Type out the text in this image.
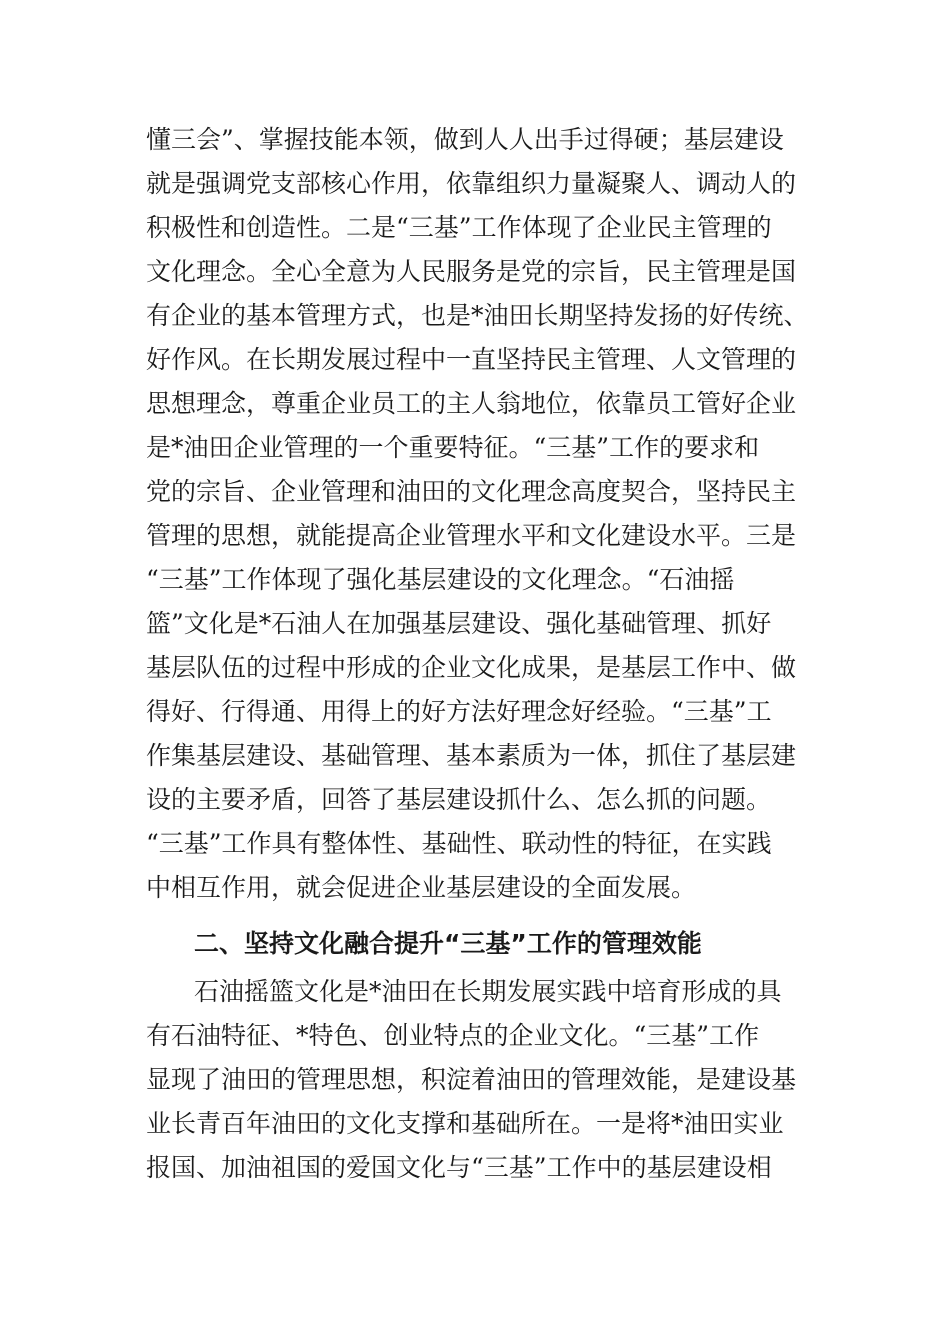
懂三会”、掌握技能本领，做到人人出手过得硬；基层建设
就是强调党支部核心作用，依靠组织力量凝聚人、调动人的
积极性和创造性。二是“三基”工作体现了企业民主管理的
文化理念。全心全意为人民服务是党的宗旨，民主管理是国
有企业的基本管理方式，也是*油田长期坚持发扬的好传统、
好作风。在长期发展过程中一直坚持民主管理、人文管理的
思想理念，尊重企业员工的主人翁地位，依靠员工管好企业
是*油田企业管理的一个重要特征。“三基”工作的要求和
党的宗旨、企业管理和油田的文化理念高度契合，坚持民主
管理的思想，就能提高企业管理水平和文化建设水平。三是
“三基”工作体现了强化基层建设的文化理念。“石油摇
篮”文化是*石油人在加强基层建设、强化基础管理、抓好
基层队伍的过程中形成的企业文化成果，是基层工作中、做
得好、行得通、用得上的好方法好理念好经验。“三基”工
作集基层建设、基础管理、基本素质为一体，抓住了基层建
设的主要矛盾，回答了基层建设抓什么、怎么抓的问题。
“三基”工作具有整体性、基础性、联动性的特征，在实践
中相互作用，就会促进企业基层建设的全面发展。
二、坚持文化融合提升“三基”工作的管理效能
石油摇篮文化是*油田在长期发展实践中培育形成的具
有石油特征、*特色、创业特点的企业文化。“三基”工作
显现了油田的管理思想，积淀着油田的管理效能，是建设基
业长青百年油田的文化支撑和基础所在。一是将*油田实业
报国、加油祖国的爱国文化与“三基”工作中的基层建设相
